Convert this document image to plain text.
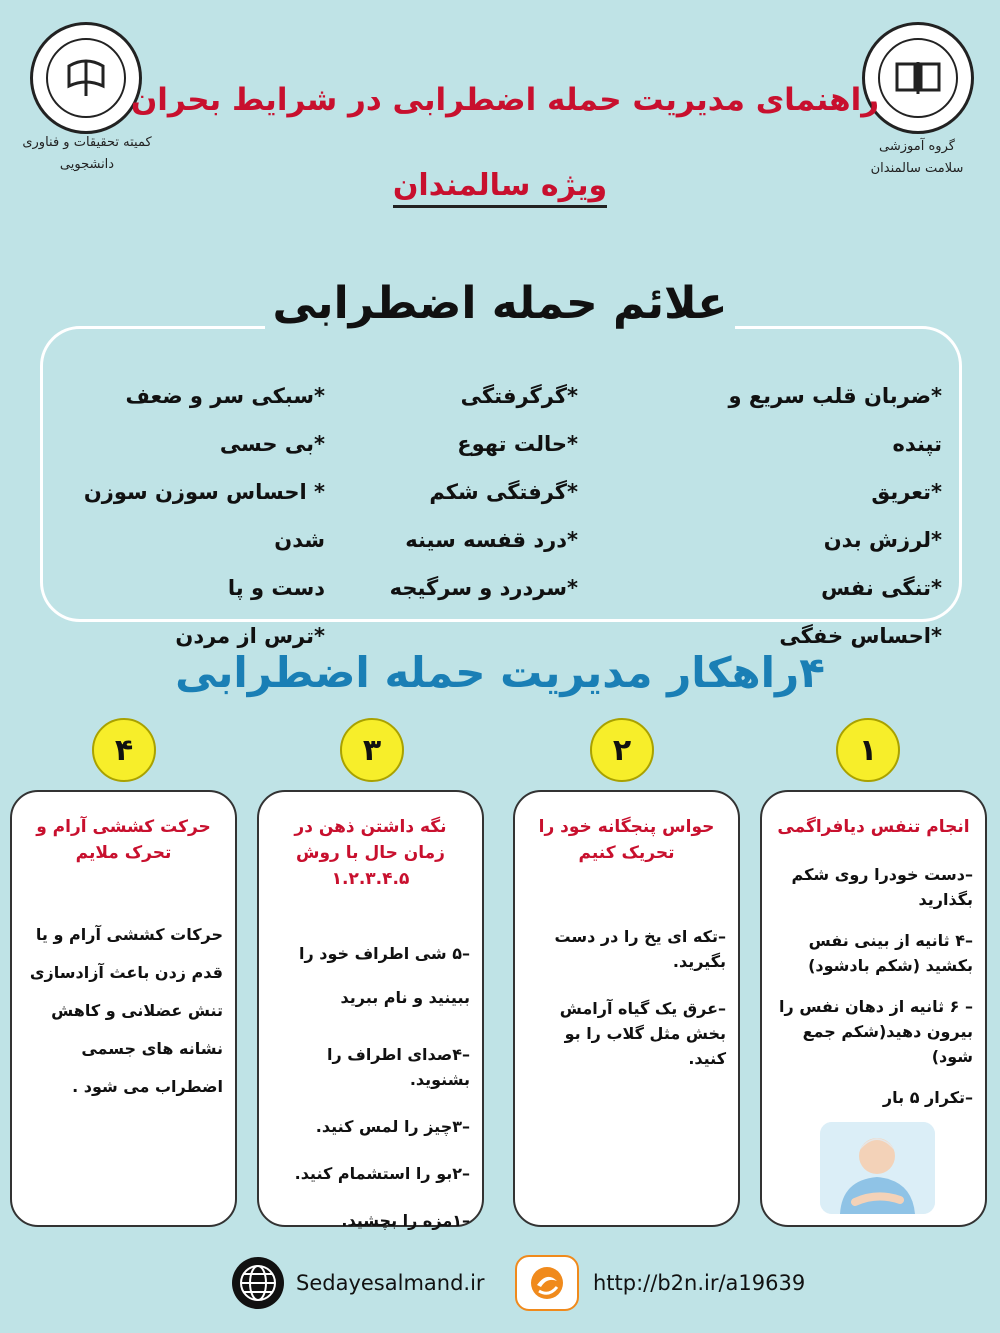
گروه آموزشی
سلامت سالمندان
کمیته تحقیقات و فناوری
دانشجویی
راهنمای مدیریت حمله اضطرابی در شرایط بحران
ویژه سالمندان
علائم حمله اضطرابی
*ضربان قلب سریع و تپنده
*تعریق
*لرزش بدن
*تنگی نفس
*احساس خفگی
*گرگرفتگی
*حالت تهوع
*گرفتگی شکم
*درد قفسه سینه
*سردرد و سرگیجه
*سبکی سر و ضعف
*بی حسی
* احساس سوزن سوزن شدن
دست و پا
*ترس از مردن
۴راهکار مدیریت حمله اضطرابی
۱
۲
۳
۴
انجام تنفس دیافراگمی

–دست خودرا روی شکم بگذارید

–۴ ثانیه از بینی نفس بکشید (شکم بادشود)

– ۶ ثانیه از دهان نفس را بیرون دهید(شکم جمع شود)

–تکرار ۵ بار

حواس پنجگانه خود را تحریک کنیم

–تکه ای یخ را در دست بگیرید.

–عرق یک گیاه آرامش بخش مثل گلاب را بو کنید.

نگه داشتن ذهن در زمان حال با روش ۱.۲.۳.۴.۵

–۵ شی اطراف خود را ببینید و نام ببرید

–۴صدای اطراف را بشنوید.

–۳چیز را لمس کنید.

–۲بو را استشمام کنید.

–۱مزه را بچشید.

حرکت کششی آرام و تحرک ملایم
حرکات کششی آرام و یا قدم زدن باعث آزادسازی تنش عضلانی و کاهش نشانه های جسمی اضطراب می شود .
Sedayesalmand.ir	http://b2n.ir/a19639
